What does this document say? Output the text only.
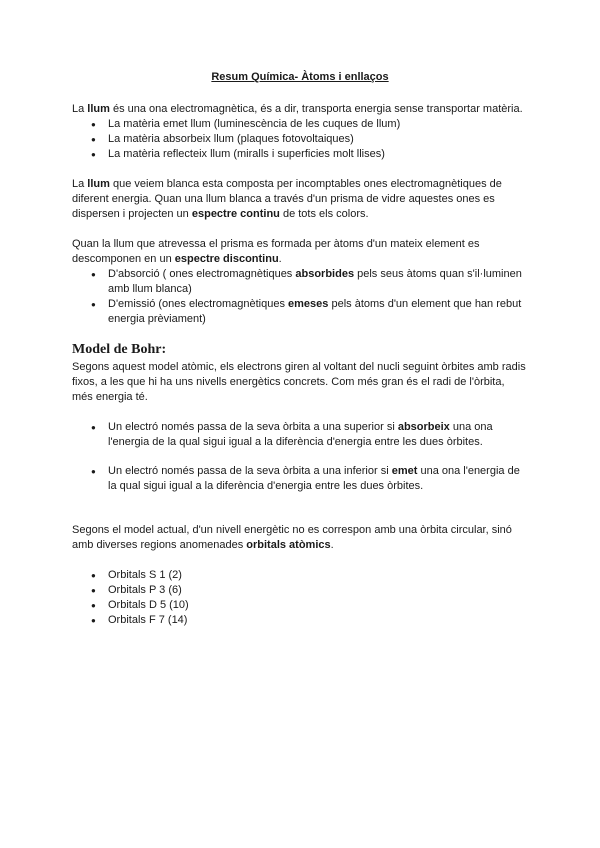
Resum Química- Àtoms i enllaços

La llum és una ona electromagnètica, és a dir, transporta energia sense transportar matèria.

● La matèria emet llum (luminescència de les cuques de llum)
● La matèria absorbeix llum (plaques fotovoltaiques)
● La matèria reflecteix llum (miralls i superficies molt llises)

La llum que veiem blanca esta composta per incomptables ones electromagnètiques de diferent energia. Quan una llum blanca a través d'un prisma de vidre aquestes ones es dispersen i projecten un espectre continu de tots els colors.

Quan la llum que atrevessa el prisma es formada per àtoms d'un mateix element es descomponen en un espectre discontinu.

● D'absorció ( ones electromagnètiques absorbides pels seus àtoms quan s'il·luminen amb llum blanca)
● D'emissió (ones electromagnètiques emeses pels àtoms d'un element que han rebut energia prèviament)
Model de Bohr:

Segons aquest model atòmic, els electrons giren al voltant del nucli seguint òrbites amb radis fixos, a les que hi ha uns nivells energètics concrets. Com més gran és el radi de l'òrbita, més energia té.

● Un electró només passa de la seva òrbita a una superior si absorbeix una ona l'energia de la qual sigui igual a la diferència d'energia entre les dues òrbites.
● Un electró només passa de la seva òrbita a una inferior si emet una ona l'energia de la qual sigui igual a la diferència d'energia entre les dues òrbites.

Segons el model actual, d'un nivell energètic no es correspon amb una òrbita circular, sinó amb diverses regions anomenades orbitals atòmics.

● Orbitals S 1 (2)
● Orbitals P 3 (6)
● Orbitals D 5 (10)
● Orbitals F 7 (14)
